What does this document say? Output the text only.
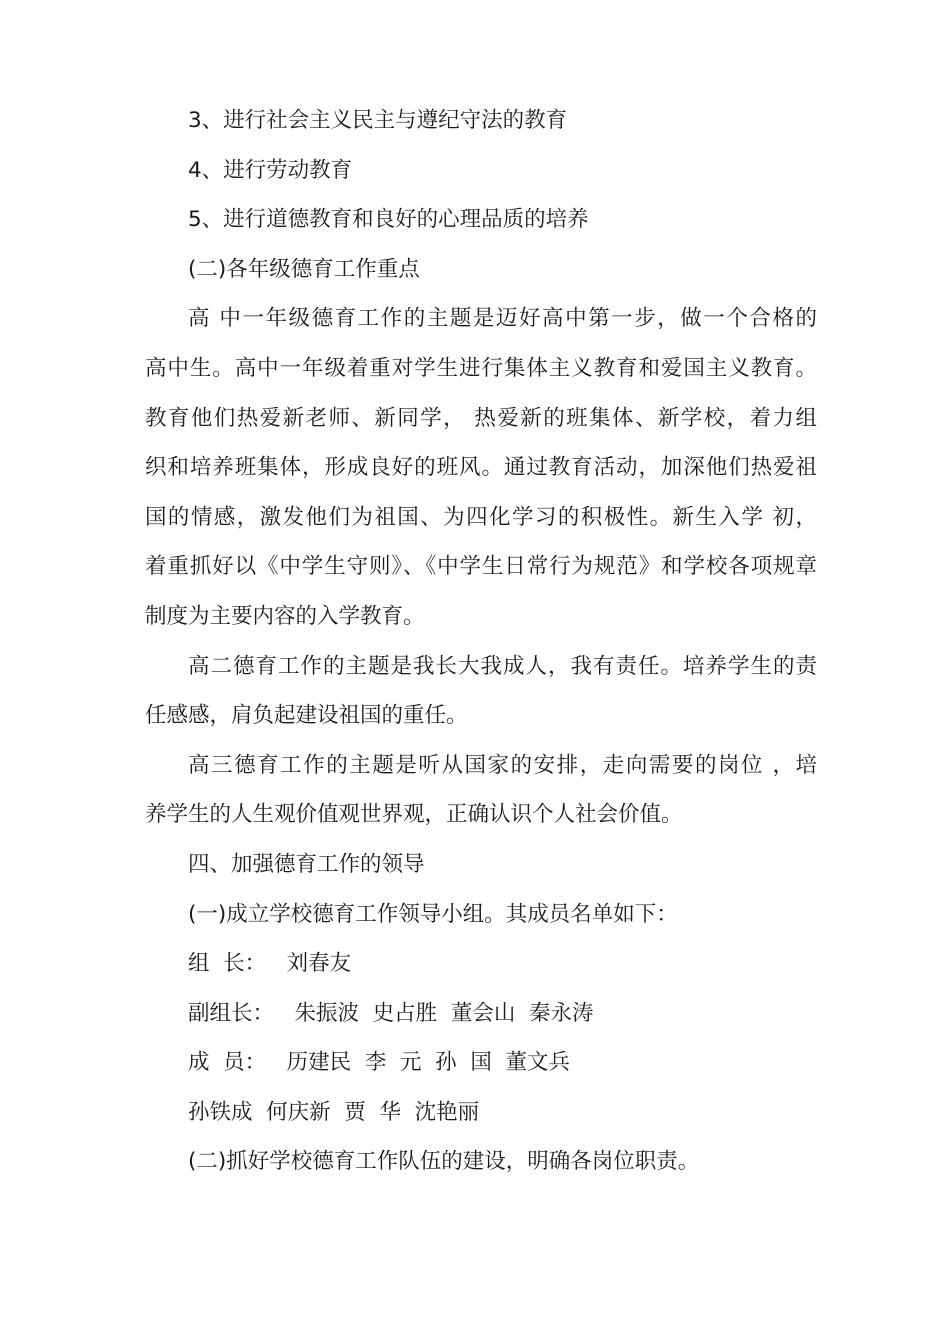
3、进行社会主义民主与遵纪守法的教育
4、进行劳动教育
5、进行道德教育和良好的心理品质的培养
(二)各年级德育工作重点
高 中一年级德育工作的主题是迈好高中第一步，做一个合格的
高中生。高中一年级着重对学生进行集体主义教育和爱国主义教育。
教育他们热爱新老师、新同学， 热爱新的班集体、新学校，着力组
织和培养班集体，形成良好的班风。通过教育活动，加深他们热爱祖
国的情感，激发他们为祖国、为四化学习的积极性。新生入学 初，
着重抓好以《中学生守则》、《中学生日常行为规范》和学校各项规章
制度为主要内容的入学教育。
高二德育工作的主题是我长大我成人，我有责任。培养学生的责
任感感，肩负起建设祖国的重任。
高三德育工作的主题是听从国家的安排，走向需要的岗位 ，培
养学生的人生观价值观世界观，正确认识个人社会价值。
四、加强德育工作的领导
(一)成立学校德育工作领导小组。其成员名单如下：
组  长：   刘春友
副组长：   朱振波  史占胜  董会山  秦永涛
成  员：   历建民  李  元  孙  国  董文兵
孙铁成  何庆新  贾  华  沈艳丽
(二)抓好学校德育工作队伍的建设，明确各岗位职责。
